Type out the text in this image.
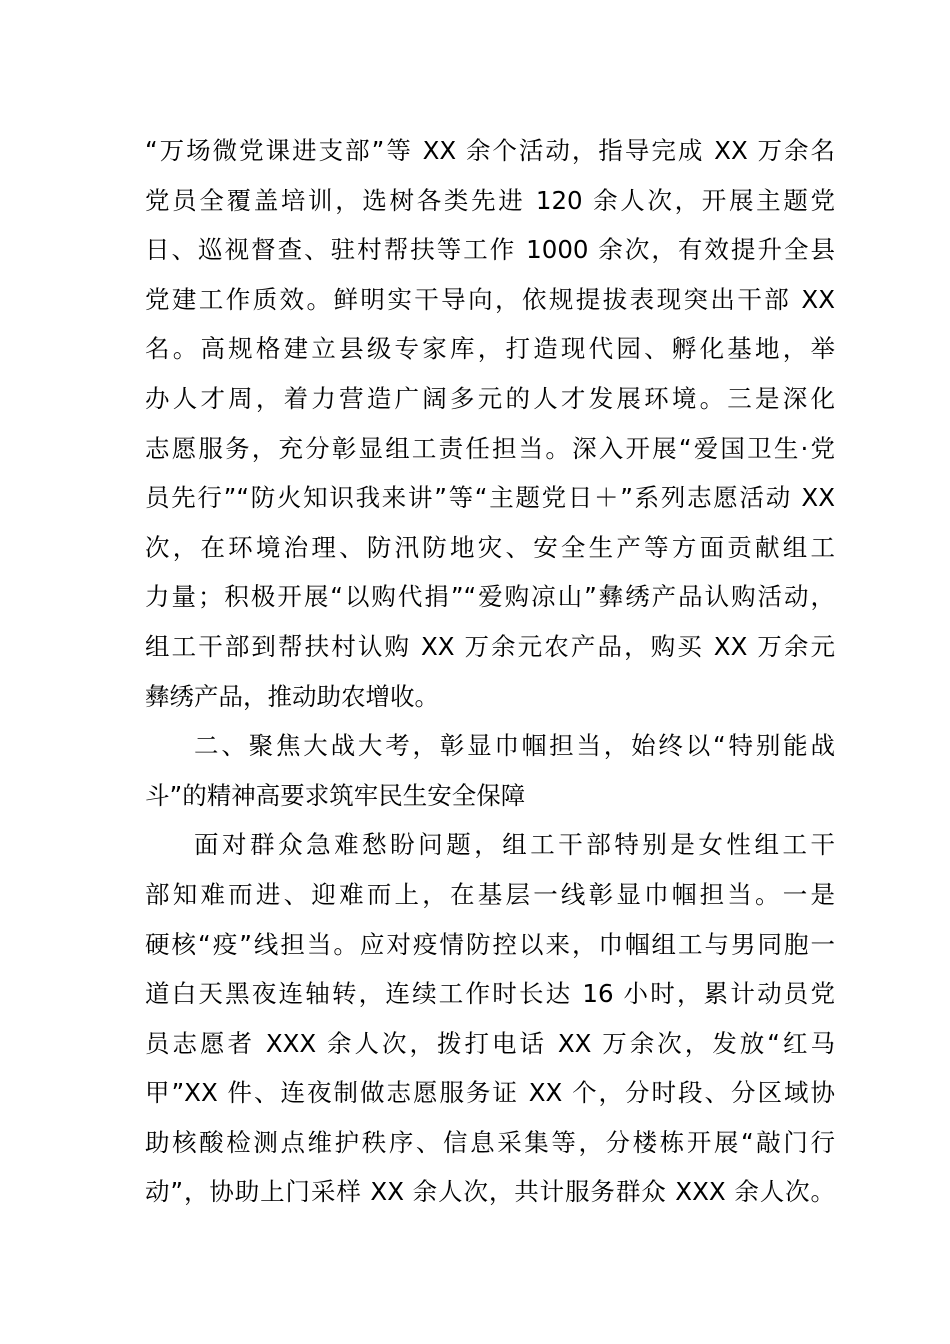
“万场微党课进支部”等 XX 余个活动，指导完成 XX 万余名
党员全覆盖培训，选树各类先进 120 余人次，开展主题党
日、巡视督查、驻村帮扶等工作 1000 余次，有效提升全县
党建工作质效。鲜明实干导向，依规提拔表现突出干部 XX
名。高规格建立县级专家库，打造现代园、孵化基地，举
办人才周，着力营造广阔多元的人才发展环境。三是深化
志愿服务，充分彰显组工责任担当。深入开展“爱国卫生·党
员先行”“防火知识我来讲”等“主题党日＋”系列志愿活动 XX
次，在环境治理、防汛防地灾、安全生产等方面贡献组工
力量；积极开展“以购代捐”“爱购凉山”彝绣产品认购活动，
组工干部到帮扶村认购 XX 万余元农产品，购买 XX 万余元
彝绣产品，推动助农增收。
二、聚焦大战大考，彰显巾帼担当，始终以“特别能战
斗”的精神高要求筑牢民生安全保障
面对群众急难愁盼问题，组工干部特别是女性组工干
部知难而进、迎难而上，在基层一线彰显巾帼担当。一是
硬核“疫”线担当。应对疫情防控以来，巾帼组工与男同胞一
道白天黑夜连轴转，连续工作时长达 16 小时，累计动员党
员志愿者 XXX 余人次，拨打电话 XX 万余次，发放“红马
甲”XX 件、连夜制做志愿服务证 XX 个，分时段、分区域协
助核酸检测点维护秩序、信息采集等，分楼栋开展“敲门行
动”，协助上门采样 XX 余人次，共计服务群众 XXX 余人次。
